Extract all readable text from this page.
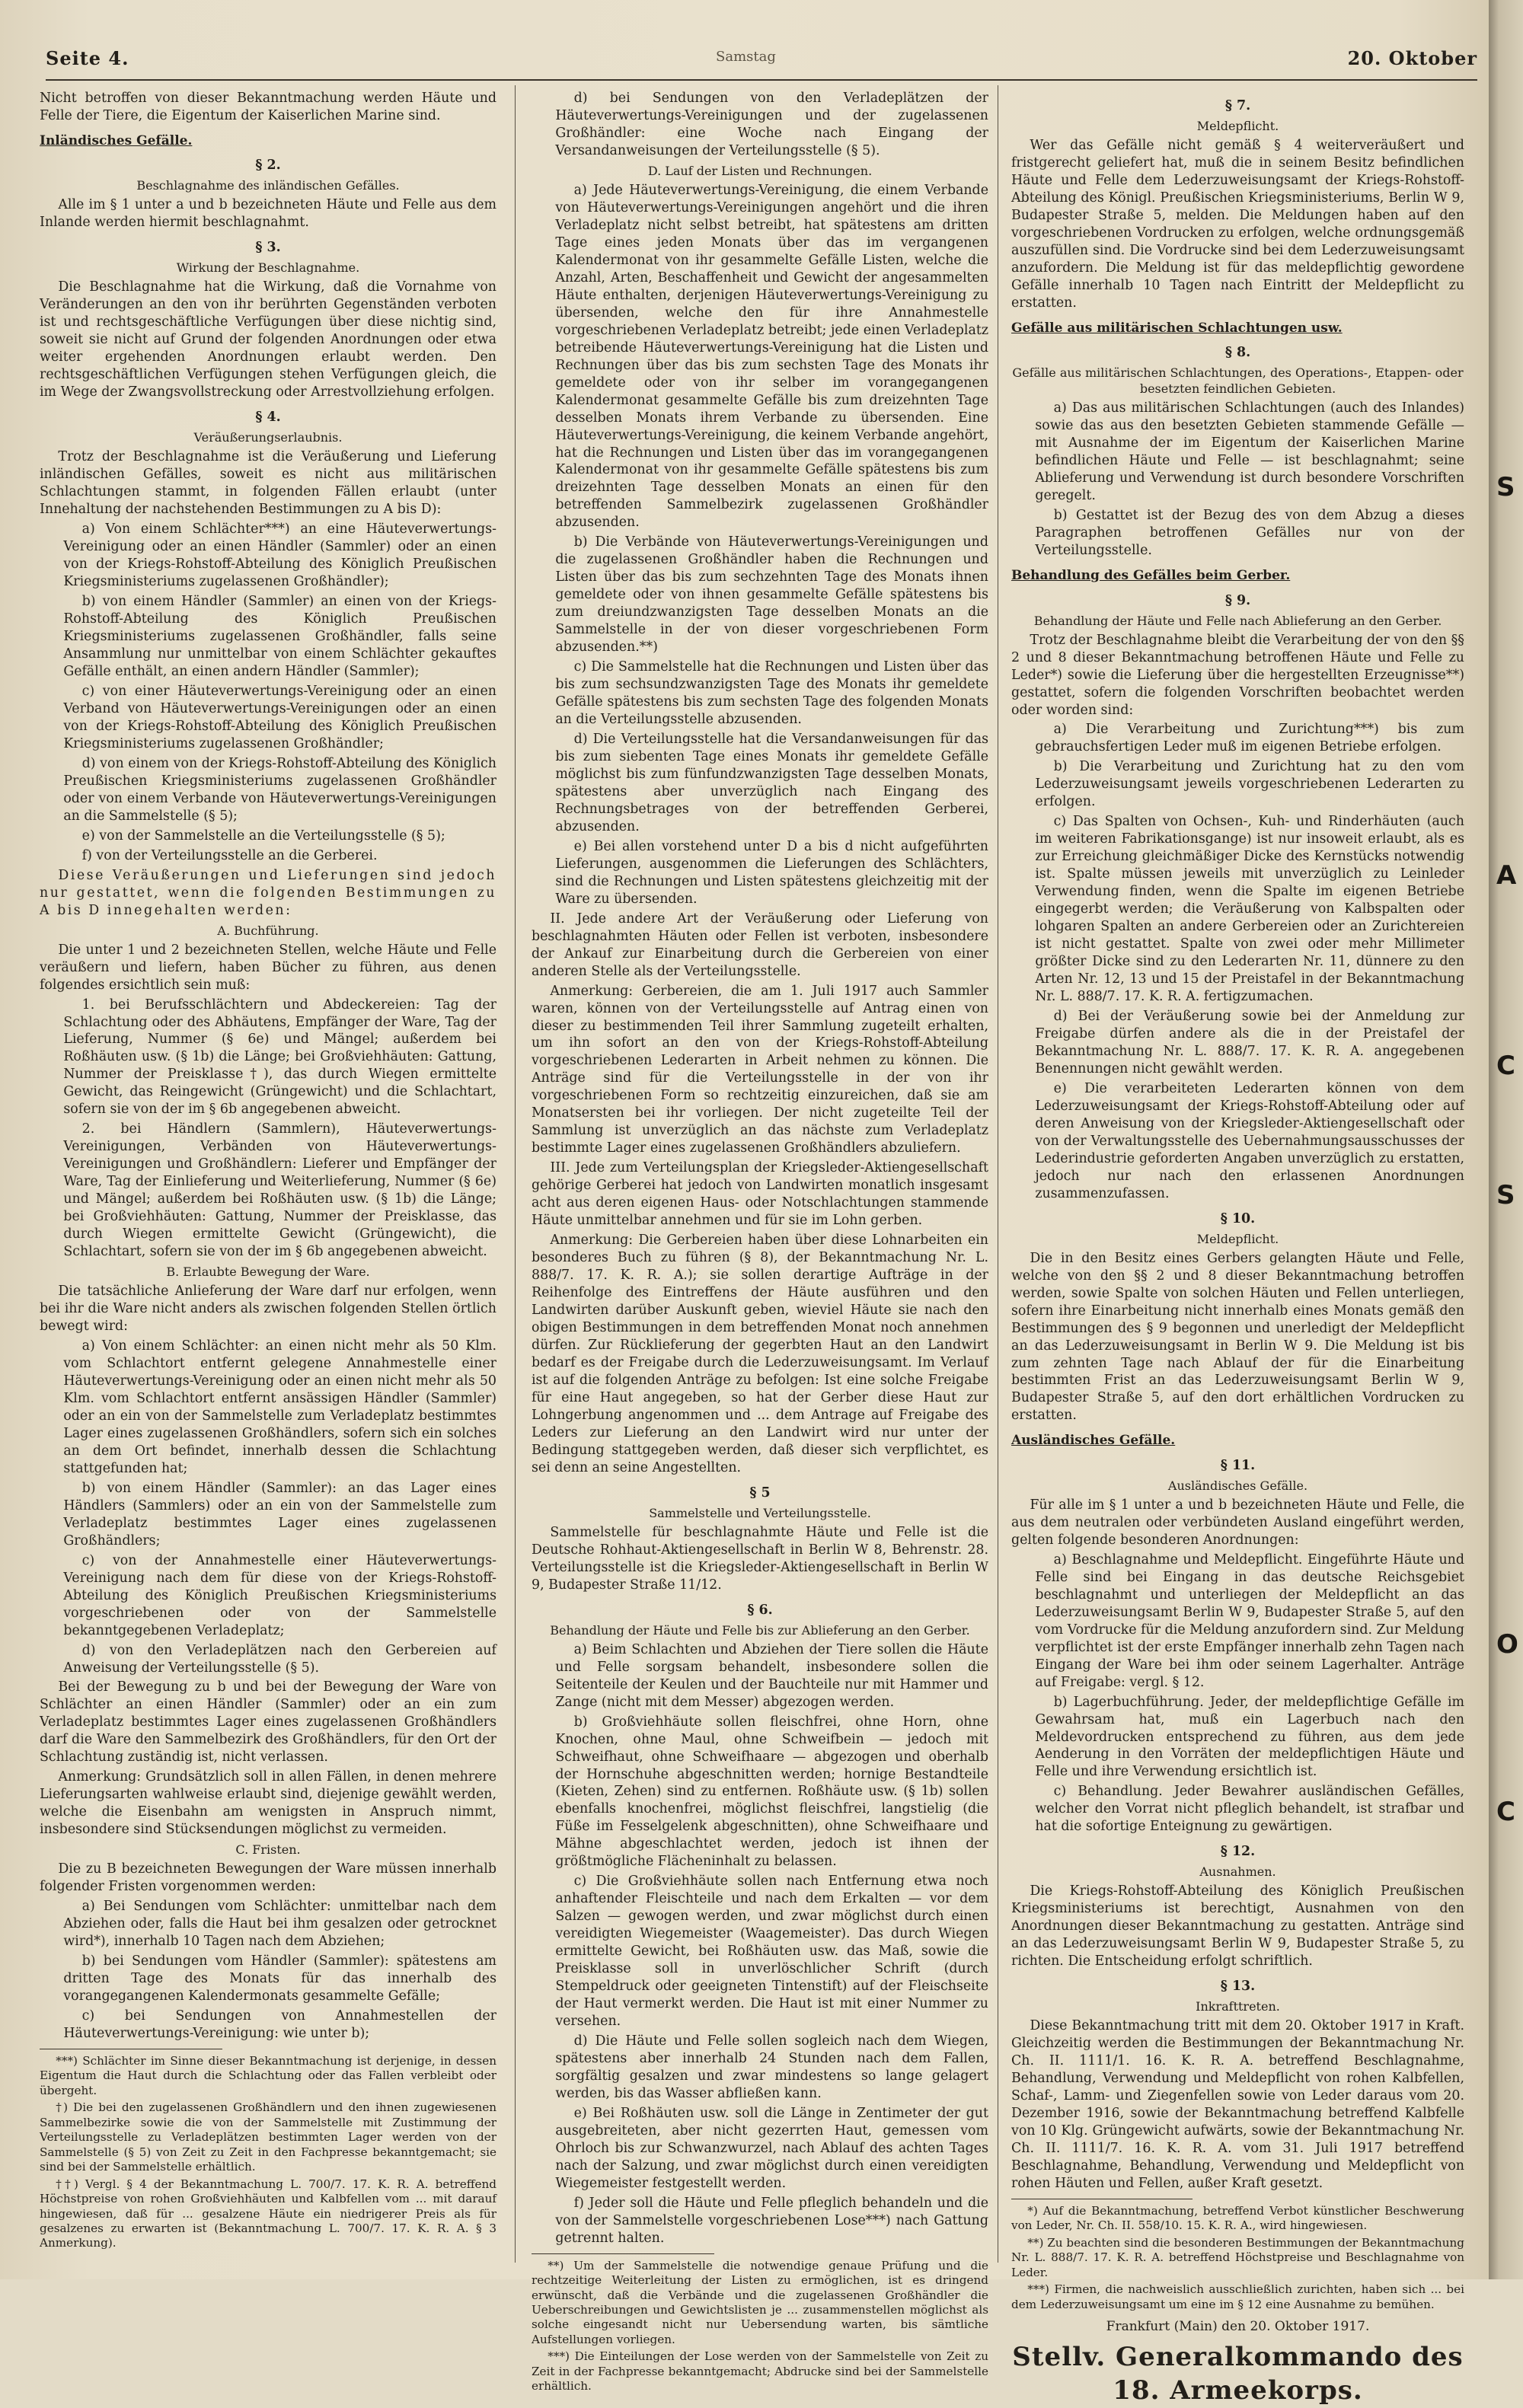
Seite 4.	Samstag	20. Oktober

Nicht betroffen von dieser Bekanntmachung werden Häute und Felle der Tiere, die Eigentum der Kaiserlichen Marine sind.

Inländisches Gefälle.
§ 2.
Beschlagnahme des inländischen Gefälles.

Alle im § 1 unter a und b bezeichneten Häute und Felle aus dem Inlande werden hiermit beschlagnahmt.

§ 3.
Wirkung der Beschlagnahme.

Die Beschlagnahme hat die Wirkung, daß die Vornahme von Veränderungen an den von ihr berührten Gegenständen verboten ist und rechtsgeschäftliche Verfügungen über diese nichtig sind, soweit sie nicht auf Grund der folgenden Anordnungen oder etwa weiter ergehenden Anordnungen erlaubt werden. Den rechtsgeschäftlichen Verfügungen stehen Verfügungen gleich, die im Wege der Zwangsvollstreckung oder Arrestvollziehung erfolgen.

§ 4.
Veräußerungserlaubnis.

Trotz der Beschlagnahme ist die Veräußerung und Lieferung inländischen Gefälles, soweit es nicht aus militärischen Schlachtungen stammt, in folgenden Fällen erlaubt (unter Innehaltung der nachstehenden Bestimmungen zu A bis D):

a) Von einem Schlächter***) an eine Häuteverwertungs-Vereinigung oder an einen Händler (Sammler) oder an einen von der Kriegs-Rohstoff-Abteilung des Königlich Preußischen Kriegsministeriums zugelassenen Großhändler);

b) von einem Händler (Sammler) an einen von der Kriegs-Rohstoff-Abteilung des Königlich Preußischen Kriegsministeriums zugelassenen Großhändler, falls seine Ansammlung nur unmittelbar von einem Schlächter gekauftes Gefälle enthält, an einen andern Händler (Sammler);

c) von einer Häuteverwertungs-Vereinigung oder an einen Verband von Häuteverwertungs-Vereinigungen oder an einen von der Kriegs-Rohstoff-Abteilung des Königlich Preußischen Kriegsministeriums zugelassenen Großhändler;

d) von einem von der Kriegs-Rohstoff-Abteilung des Königlich Preußischen Kriegsministeriums zugelassenen Großhändler oder von einem Verbande von Häuteverwertungs-Vereinigungen an die Sammelstelle (§ 5);

e) von der Sammelstelle an die Verteilungsstelle (§ 5);

f) von der Verteilungsstelle an die Gerberei.

Diese Veräußerungen und Lieferungen sind jedoch nur gestattet, wenn die folgenden Bestimmungen zu A bis D innegehalten werden:

A. Buchführung.

Die unter 1 und 2 bezeichneten Stellen, welche Häute und Felle veräußern und liefern, haben Bücher zu führen, aus denen folgendes ersichtlich sein muß:

1. bei Berufsschlächtern und Abdeckereien: Tag der Schlachtung oder des Abhäutens, Empfänger der Ware, Tag der Lieferung, Nummer (§ 6e) und Mängel; außerdem bei Roßhäuten usw. (§ 1b) die Länge; bei Großviehhäuten: Gattung, Nummer der Preisklasse†), das durch Wiegen ermittelte Gewicht, das Reingewicht (Grüngewicht) und die Schlachtart, sofern sie von der im § 6b angegebenen abweicht.

2. bei Händlern (Sammlern), Häuteverwertungs-Vereinigungen, Verbänden von Häuteverwertungs-Vereinigungen und Großhändlern: Lieferer und Empfänger der Ware, Tag der Einlieferung und Weiterlieferung, Nummer (§ 6e) und Mängel; außerdem bei Roßhäuten usw. (§ 1b) die Länge; bei Großviehhäuten: Gattung, Nummer der Preisklasse, das durch Wiegen ermittelte Gewicht (Grüngewicht), die Schlachtart, sofern sie von der im § 6b angegebenen abweicht.

B. Erlaubte Bewegung der Ware.

Die tatsächliche Anlieferung der Ware darf nur erfolgen, wenn bei ihr die Ware nicht anders als zwischen folgenden Stellen örtlich bewegt wird:

a) Von einem Schlächter: an einen nicht mehr als 50 Klm. vom Schlachtort entfernt gelegene Annahmestelle einer Häuteverwertungs-Vereinigung oder an einen nicht mehr als 50 Klm. vom Schlachtort entfernt ansässigen Händler (Sammler) oder an ein von der Sammelstelle zum Verladeplatz bestimmtes Lager eines zugelassenen Großhändlers, sofern sich ein solches an dem Ort befindet, innerhalb dessen die Schlachtung stattgefunden hat;

b) von einem Händler (Sammler): an das Lager eines Händlers (Sammlers) oder an ein von der Sammelstelle zum Verladeplatz bestimmtes Lager eines zugelassenen Großhändlers;

c) von der Annahmestelle einer Häuteverwertungs-Vereinigung nach dem für diese von der Kriegs-Rohstoff-Abteilung des Königlich Preußischen Kriegsministeriums vorgeschriebenen oder von der Sammelstelle bekanntgegebenen Verladeplatz;

d) von den Verladeplätzen nach den Gerbereien auf Anweisung der Verteilungsstelle (§ 5).

Bei der Bewegung zu b und bei der Bewegung der Ware von Schlächter an einen Händler (Sammler) oder an ein zum Verladeplatz bestimmtes Lager eines zugelassenen Großhändlers darf die Ware den Sammelbezirk des Großhändlers, für den Ort der Schlachtung zuständig ist, nicht verlassen.

Anmerkung: Grundsätzlich soll in allen Fällen, in denen mehrere Lieferungsarten wahlweise erlaubt sind, diejenige gewählt werden, welche die Eisenbahn am wenigsten in Anspruch nimmt, insbesondere sind Stücksendungen möglichst zu vermeiden.

C. Fristen.

Die zu B bezeichneten Bewegungen der Ware müssen innerhalb folgender Fristen vorgenommen werden:

a) Bei Sendungen vom Schlächter: unmittelbar nach dem Abziehen oder, falls die Haut bei ihm gesalzen oder getrocknet wird*), innerhalb 10 Tagen nach dem Abziehen;

b) bei Sendungen vom Händler (Sammler): spätestens am dritten Tage des Monats für das innerhalb des vorangegangenen Kalendermonats gesammelte Gefälle;

c) bei Sendungen von Annahmestellen der Häuteverwertungs-Vereinigung: wie unter b);

***) Schlächter im Sinne dieser Bekanntmachung ist derjenige, in dessen Eigentum die Haut durch die Schlachtung oder das Fallen verbleibt oder übergeht.

†) Die bei den zugelassenen Großhändlern und den ihnen zugewiesenen Sammelbezirke sowie die von der Sammelstelle mit Zustimmung der Verteilungsstelle zu Verladeplätzen bestimmten Lager werden von der Sammelstelle (§ 5) von Zeit zu Zeit in den Fachpresse bekanntgemacht; sie sind bei der Sammelstelle erhältlich.

††) Vergl. § 4 der Bekanntmachung L. 700/7. 17. K. R. A. betreffend Höchstpreise von rohen Großviehhäuten und Kalbfellen vom ... mit darauf hingewiesen, daß für ... gesalzene Häute ein niedrigerer Preis als für gesalzenes zu erwarten ist (Bekanntmachung L. 700/7. 17. K. R. A. § 3 Anmerkung).

d) bei Sendungen von den Verladeplätzen der Häuteverwertungs-Vereinigungen und der zugelassenen Großhändler: eine Woche nach Eingang der Versandanweisungen der Verteilungsstelle (§ 5).

D. Lauf der Listen und Rechnungen.

a) Jede Häuteverwertungs-Vereinigung, die einem Verbande von Häuteverwertungs-Vereinigungen angehört und die ihren Verladeplatz nicht selbst betreibt, hat spätestens am dritten Tage eines jeden Monats über das im vergangenen Kalendermonat von ihr gesammelte Gefälle Listen, welche die Anzahl, Arten, Beschaffenheit und Gewicht der angesammelten Häute enthalten, derjenigen Häuteverwertungs-Vereinigung zu übersenden, welche den für ihre Annahmestelle vorgeschriebenen Verladeplatz betreibt; jede einen Verladeplatz betreibende Häuteverwertungs-Vereinigung hat die Listen und Rechnungen über das bis zum sechsten Tage des Monats ihr gemeldete oder von ihr selber im vorangegangenen Kalendermonat gesammelte Gefälle bis zum dreizehnten Tage desselben Monats ihrem Verbande zu übersenden. Eine Häuteverwertungs-Vereinigung, die keinem Verbande angehört, hat die Rechnungen und Listen über das im vorangegangenen Kalendermonat von ihr gesammelte Gefälle spätestens bis zum dreizehnten Tage desselben Monats an einen für den betreffenden Sammelbezirk zugelassenen Großhändler abzusenden.

b) Die Verbände von Häuteverwertungs-Vereinigungen und die zugelassenen Großhändler haben die Rechnungen und Listen über das bis zum sechzehnten Tage des Monats ihnen gemeldete oder von ihnen gesammelte Gefälle spätestens bis zum dreiundzwanzigsten Tage desselben Monats an die Sammelstelle in der von dieser vorgeschriebenen Form abzusenden.**)

c) Die Sammelstelle hat die Rechnungen und Listen über das bis zum sechsundzwanzigsten Tage des Monats ihr gemeldete Gefälle spätestens bis zum sechsten Tage des folgenden Monats an die Verteilungsstelle abzusenden.

d) Die Verteilungsstelle hat die Versandanweisungen für das bis zum siebenten Tage eines Monats ihr gemeldete Gefälle möglichst bis zum fünfundzwanzigsten Tage desselben Monats, spätestens aber unverzüglich nach Eingang des Rechnungsbetrages von der betreffenden Gerberei, abzusenden.

e) Bei allen vorstehend unter D a bis d nicht aufgeführten Lieferungen, ausgenommen die Lieferungen des Schlächters, sind die Rechnungen und Listen spätestens gleichzeitig mit der Ware zu übersenden.

II. Jede andere Art der Veräußerung oder Lieferung von beschlagnahmten Häuten oder Fellen ist verboten, insbesondere der Ankauf zur Einarbeitung durch die Gerbereien von einer anderen Stelle als der Verteilungsstelle.

Anmerkung: Gerbereien, die am 1. Juli 1917 auch Sammler waren, können von der Verteilungsstelle auf Antrag einen von dieser zu bestimmenden Teil ihrer Sammlung zugeteilt erhalten, um ihn sofort an den von der Kriegs-Rohstoff-Abteilung vorgeschriebenen Lederarten in Arbeit nehmen zu können. Die Anträge sind für die Verteilungsstelle in der von ihr vorgeschriebenen Form so rechtzeitig einzureichen, daß sie am Monatsersten bei ihr vorliegen. Der nicht zugeteilte Teil der Sammlung ist unverzüglich an das nächste zum Verladeplatz bestimmte Lager eines zugelassenen Großhändlers abzuliefern.

III. Jede zum Verteilungsplan der Kriegsleder-Aktiengesellschaft gehörige Gerberei hat jedoch von Landwirten monatlich insgesamt acht aus deren eigenen Haus- oder Notschlachtungen stammende Häute unmittelbar annehmen und für sie im Lohn gerben.

Anmerkung: Die Gerbereien haben über diese Lohnarbeiten ein besonderes Buch zu führen (§ 8), der Bekanntmachung Nr. L. 888/7. 17. K. R. A.); sie sollen derartige Aufträge in der Reihenfolge des Eintreffens der Häute ausführen und den Landwirten darüber Auskunft geben, wieviel Häute sie nach den obigen Bestimmungen in dem betreffenden Monat noch annehmen dürfen. Zur Rücklieferung der gegerbten Haut an den Landwirt bedarf es der Freigabe durch die Lederzuweisungsamt. Im Verlauf ist auf die folgenden Anträge zu befolgen: Ist eine solche Freigabe für eine Haut angegeben, so hat der Gerber diese Haut zur Lohngerbung angenommen und ... dem Antrage auf Freigabe des Leders zur Lieferung an den Landwirt wird nur unter der Bedingung stattgegeben werden, daß dieser sich verpflichtet, es sei denn an seine Angestellten.

§ 5
Sammelstelle und Verteilungsstelle.

Sammelstelle für beschlagnahmte Häute und Felle ist die Deutsche Rohhaut-Aktiengesellschaft in Berlin W 8, Behrenstr. 28. Verteilungsstelle ist die Kriegsleder-Aktiengesellschaft in Berlin W 9, Budapester Straße 11/12.

§ 6.
Behandlung der Häute und Felle bis zur Ablieferung an den Gerber.

a) Beim Schlachten und Abziehen der Tiere sollen die Häute und Felle sorgsam behandelt, insbesondere sollen die Seitenteile der Keulen und der Bauchteile nur mit Hammer und Zange (nicht mit dem Messer) abgezogen werden.

b) Großviehhäute sollen fleischfrei, ohne Horn, ohne Knochen, ohne Maul, ohne Schweifbein — jedoch mit Schweifhaut, ohne Schweifhaare — abgezogen und oberhalb der Hornschuhe abgeschnitten werden; hornige Bestandteile (Kieten, Zehen) sind zu entfernen. Roßhäute usw. (§ 1b) sollen ebenfalls knochenfrei, möglichst fleischfrei, langstielig (die Füße im Fesselgelenk abgeschnitten), ohne Schweifhaare und Mähne abgeschlachtet werden, jedoch ist ihnen der größtmögliche Flächeninhalt zu belassen.

c) Die Großviehhäute sollen nach Entfernung etwa noch anhaftender Fleischteile und nach dem Erkalten — vor dem Salzen — gewogen werden, und zwar möglichst durch einen vereidigten Wiegemeister (Waagemeister). Das durch Wiegen ermittelte Gewicht, bei Roßhäuten usw. das Maß, sowie die Preisklasse soll in unverlöschlicher Schrift (durch Stempeldruck oder geeigneten Tintenstift) auf der Fleischseite der Haut vermerkt werden. Die Haut ist mit einer Nummer zu versehen.

d) Die Häute und Felle sollen sogleich nach dem Wiegen, spätestens aber innerhalb 24 Stunden nach dem Fallen, sorgfältig gesalzen und zwar mindestens so lange gelagert werden, bis das Wasser abfließen kann.

e) Bei Roßhäuten usw. soll die Länge in Zentimeter der gut ausgebreiteten, aber nicht gezerrten Haut, gemessen vom Ohrloch bis zur Schwanzwurzel, nach Ablauf des achten Tages nach der Salzung, und zwar möglichst durch einen vereidigten Wiegemeister festgestellt werden.

f) Jeder soll die Häute und Felle pfleglich behandeln und die von der Sammelstelle vorgeschriebenen Lose***) nach Gattung getrennt halten.

**) Um der Sammelstelle die notwendige genaue Prüfung und die rechtzeitige Weiterleitung der Listen zu ermöglichen, ist es dringend erwünscht, daß die Verbände und die zugelassenen Großhändler die Ueberschreibungen und Gewichtslisten je ... zusammenstellen möglichst als solche eingesandt nicht nur Uebersendung warten, bis sämtliche Aufstellungen vorliegen.

***) Die Einteilungen der Lose werden von der Sammelstelle von Zeit zu Zeit in der Fachpresse bekanntgemacht; Abdrucke sind bei der Sammelstelle erhältlich.

§ 7.
Meldepflicht.

Wer das Gefälle nicht gemäß § 4 weiterveräußert und fristgerecht geliefert hat, muß die in seinem Besitz befindlichen Häute und Felle dem Lederzuweisungsamt der Kriegs-Rohstoff-Abteilung des Königl. Preußischen Kriegsministeriums, Berlin W 9, Budapester Straße 5, melden. Die Meldungen haben auf den vorgeschriebenen Vordrucken zu erfolgen, welche ordnungsgemäß auszufüllen sind. Die Vordrucke sind bei dem Lederzuweisungsamt anzufordern. Die Meldung ist für das meldepflichtig gewordene Gefälle innerhalb 10 Tagen nach Eintritt der Meldepflicht zu erstatten.

Gefälle aus militärischen Schlachtungen usw.
§ 8.
Gefälle aus militärischen Schlachtungen, des Operations-, Etappen- oder besetzten feindlichen Gebieten.

a) Das aus militärischen Schlachtungen (auch des Inlandes) sowie das aus den besetzten Gebieten stammende Gefälle — mit Ausnahme der im Eigentum der Kaiserlichen Marine befindlichen Häute und Felle — ist beschlagnahmt; seine Ablieferung und Verwendung ist durch besondere Vorschriften geregelt.

b) Gestattet ist der Bezug des von dem Abzug a dieses Paragraphen betroffenen Gefälles nur von der Verteilungsstelle.

Behandlung des Gefälles beim Gerber.
§ 9.
Behandlung der Häute und Felle nach Ablieferung an den Gerber.

Trotz der Beschlagnahme bleibt die Verarbeitung der von den §§ 2 und 8 dieser Bekanntmachung betroffenen Häute und Felle zu Leder*) sowie die Lieferung über die hergestellten Erzeugnisse**) gestattet, sofern die folgenden Vorschriften beobachtet werden oder worden sind:

a) Die Verarbeitung und Zurichtung***) bis zum gebrauchsfertigen Leder muß im eigenen Betriebe erfolgen.

b) Die Verarbeitung und Zurichtung hat zu den vom Lederzuweisungsamt jeweils vorgeschriebenen Lederarten zu erfolgen.

c) Das Spalten von Ochsen-, Kuh- und Rinderhäuten (auch im weiteren Fabrikationsgange) ist nur insoweit erlaubt, als es zur Erreichung gleichmäßiger Dicke des Kernstücks notwendig ist. Spalte müssen jeweils mit unverzüglich zu Leinleder Verwendung finden, wenn die Spalte im eigenen Betriebe eingegerbt werden; die Veräußerung von Kalbspalten oder lohgaren Spalten an andere Gerbereien oder an Zurichtereien ist nicht gestattet. Spalte von zwei oder mehr Millimeter größter Dicke sind zu den Lederarten Nr. 11, dünnere zu den Arten Nr. 12, 13 und 15 der Preistafel in der Bekanntmachung Nr. L. 888/7. 17. K. R. A. fertigzumachen.

d) Bei der Veräußerung sowie bei der Anmeldung zur Freigabe dürfen andere als die in der Preistafel der Bekanntmachung Nr. L. 888/7. 17. K. R. A. angegebenen Benennungen nicht gewählt werden.

e) Die verarbeiteten Lederarten können von dem Lederzuweisungsamt der Kriegs-Rohstoff-Abteilung oder auf deren Anweisung von der Kriegsleder-Aktiengesellschaft oder von der Verwaltungsstelle des Uebernahmungsausschusses der Lederindustrie geforderten Angaben unverzüglich zu erstatten, jedoch nur nach den erlassenen Anordnungen zusammenzufassen.

§ 10.
Meldepflicht.

Die in den Besitz eines Gerbers gelangten Häute und Felle, welche von den §§ 2 und 8 dieser Bekanntmachung betroffen werden, sowie Spalte von solchen Häuten und Fellen unterliegen, sofern ihre Einarbeitung nicht innerhalb eines Monats gemäß den Bestimmungen des § 9 begonnen und unerledigt der Meldepflicht an das Lederzuweisungsamt in Berlin W 9. Die Meldung ist bis zum zehnten Tage nach Ablauf der für die Einarbeitung bestimmten Frist an das Lederzuweisungsamt Berlin W 9, Budapester Straße 5, auf den dort erhältlichen Vordrucken zu erstatten.

Ausländisches Gefälle.
§ 11.
Ausländisches Gefälle.

Für alle im § 1 unter a und b bezeichneten Häute und Felle, die aus dem neutralen oder verbündeten Ausland eingeführt werden, gelten folgende besonderen Anordnungen:

a) Beschlagnahme und Meldepflicht. Eingeführte Häute und Felle sind bei Eingang in das deutsche Reichsgebiet beschlagnahmt und unterliegen der Meldepflicht an das Lederzuweisungsamt Berlin W 9, Budapester Straße 5, auf den vom Vordrucke für die Meldung anzufordern sind. Zur Meldung verpflichtet ist der erste Empfänger innerhalb zehn Tagen nach Eingang der Ware bei ihm oder seinem Lagerhalter. Anträge auf Freigabe: vergl. § 12.

b) Lagerbuchführung. Jeder, der meldepflichtige Gefälle im Gewahrsam hat, muß ein Lagerbuch nach den Meldevordrucken entsprechend zu führen, aus dem jede Aenderung in den Vorräten der meldepflichtigen Häute und Felle und ihre Verwendung ersichtlich ist.

c) Behandlung. Jeder Bewahrer ausländischen Gefälles, welcher den Vorrat nicht pfleglich behandelt, ist strafbar und hat die sofortige Enteignung zu gewärtigen.

§ 12.
Ausnahmen.

Die Kriegs-Rohstoff-Abteilung des Königlich Preußischen Kriegsministeriums ist berechtigt, Ausnahmen von den Anordnungen dieser Bekanntmachung zu gestatten. Anträge sind an das Lederzuweisungsamt Berlin W 9, Budapester Straße 5, zu richten. Die Entscheidung erfolgt schriftlich.

§ 13.
Inkrafttreten.

Diese Bekanntmachung tritt mit dem 20. Oktober 1917 in Kraft. Gleichzeitig werden die Bestimmungen der Bekanntmachung Nr. Ch. II. 1111/1. 16. K. R. A. betreffend Beschlagnahme, Behandlung, Verwendung und Meldepflicht von rohen Kalbfellen, Schaf-, Lamm- und Ziegenfellen sowie von Leder daraus vom 20. Dezember 1916, sowie der Bekanntmachung betreffend Kalbfelle von 10 Klg. Grüngewicht aufwärts, sowie der Bekanntmachung Nr. Ch. II. 1111/7. 16. K. R. A. vom 31. Juli 1917 betreffend Beschlagnahme, Behandlung, Verwendung und Meldepflicht von rohen Häuten und Fellen, außer Kraft gesetzt.

*) Auf die Bekanntmachung, betreffend Verbot künstlicher Beschwerung von Leder, Nr. Ch. II. 558/10. 15. K. R. A., wird hingewiesen.

**) Zu beachten sind die besonderen Bestimmungen der Bekanntmachung Nr. L. 888/7. 17. K. R. A. betreffend Höchstpreise und Beschlagnahme von Leder.

***) Firmen, die nachweislich ausschließlich zurichten, haben sich ... bei dem Lederzuweisungsamt um eine im § 12 eine Ausnahme zu bemühen.

Frankfurt (Main) den 20. Oktober 1917.
Stellv. Generalkommando des 18. Armeekorps.
S
A
C
S
O
C
